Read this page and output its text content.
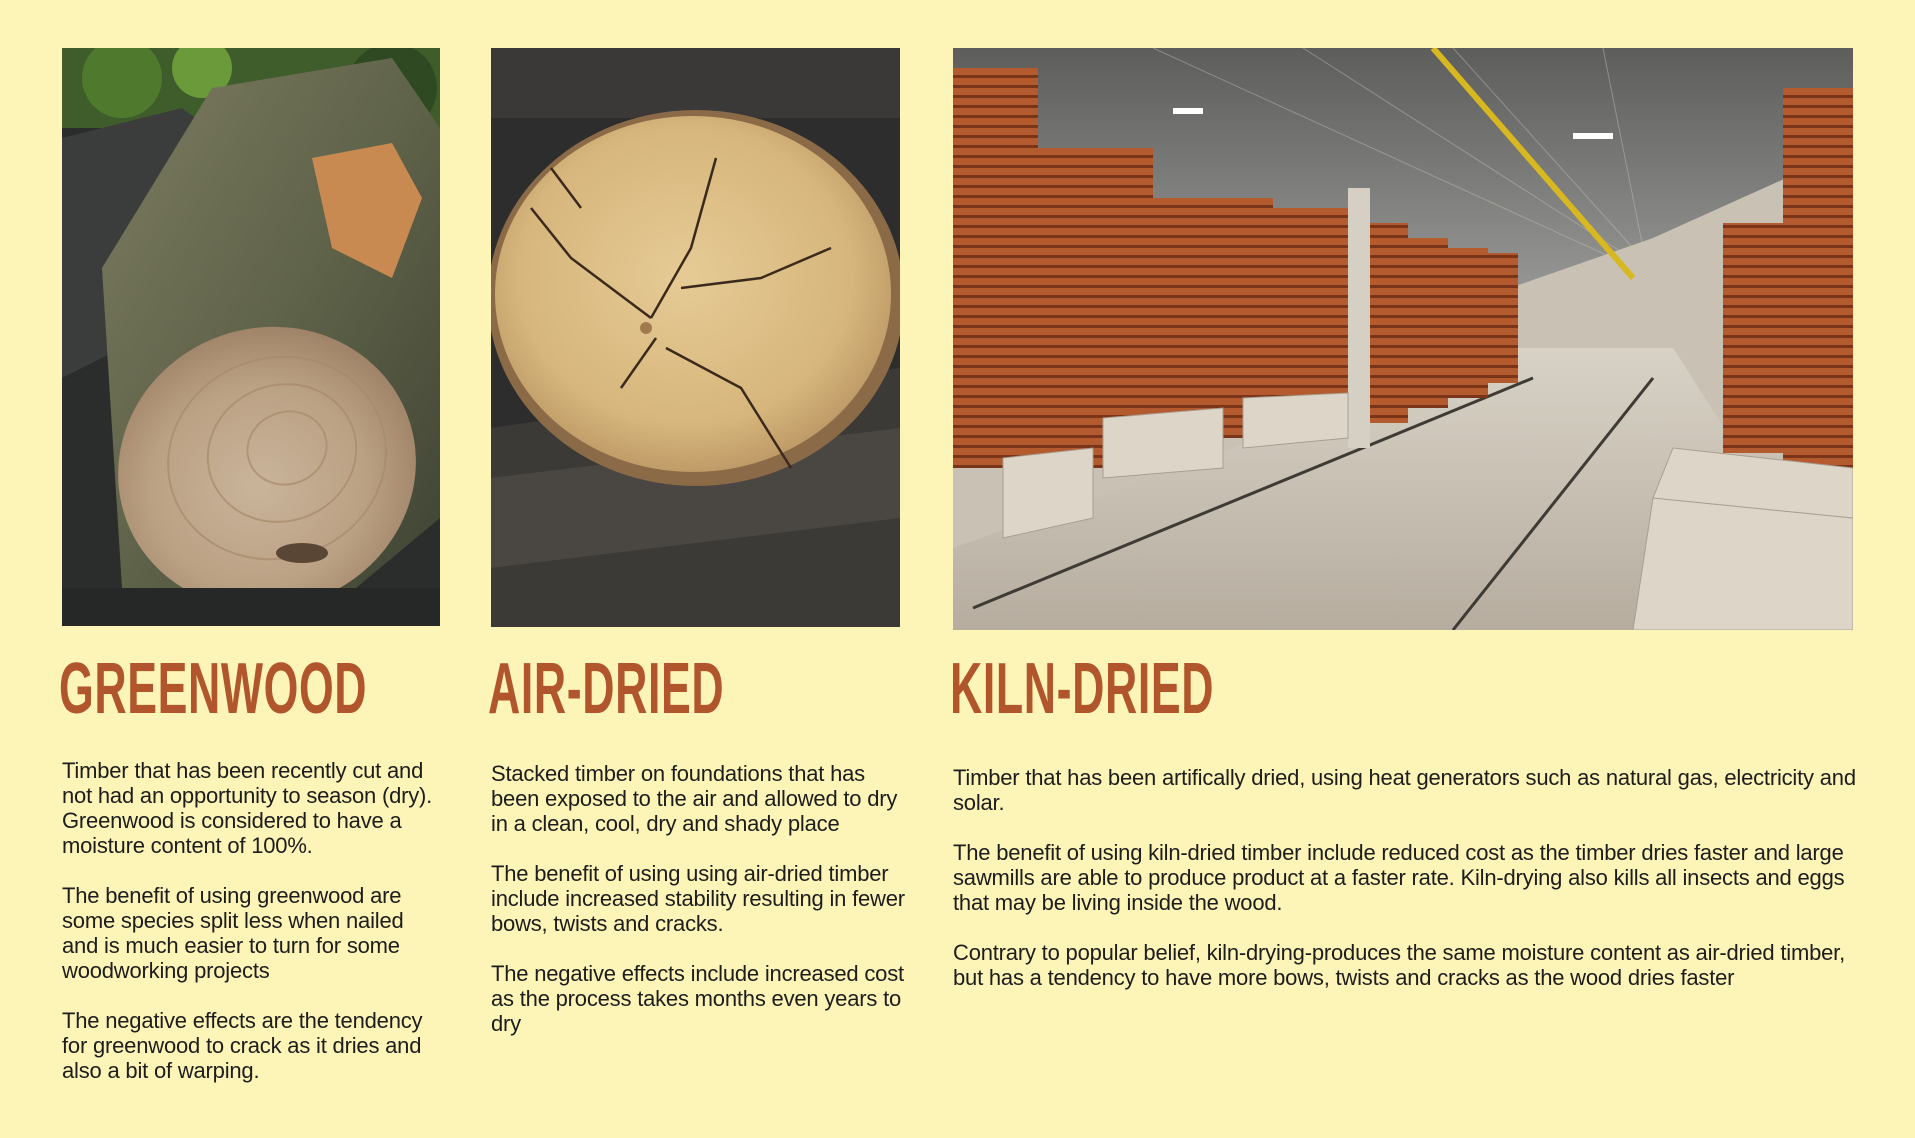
GREENWOOD

Timber that has been recently cut and not had an opportunity to season (dry). Greenwood is considered to have a moisture content of 100%.

The benefit of using greenwood are some species split less when nailed and is much easier to turn for some woodworking projects

The negative effects are the tendency for greenwood to crack as it dries and also a bit of warping.

AIR-DRIED

Stacked timber on foundations that has been exposed to the air and allowed to dry in a clean, cool, dry and shady place

The benefit of using using air-dried timber include increased stability resulting in fewer bows, twists and cracks.

The negative effects include increased cost as the process takes months even years to dry

KILN-DRIED

Timber that has been artifically dried, using heat generators such as natural gas, electricity and solar.

The benefit of using kiln-dried timber include reduced cost as the timber dries faster and large sawmills are able to produce product at a faster rate. Kiln-drying also kills all insects and eggs that may be living inside the wood.

Contrary to popular belief, kiln-drying-produces the same moisture content as air-dried timber, but has a tendency to have more bows, twists and cracks as the wood dries faster
